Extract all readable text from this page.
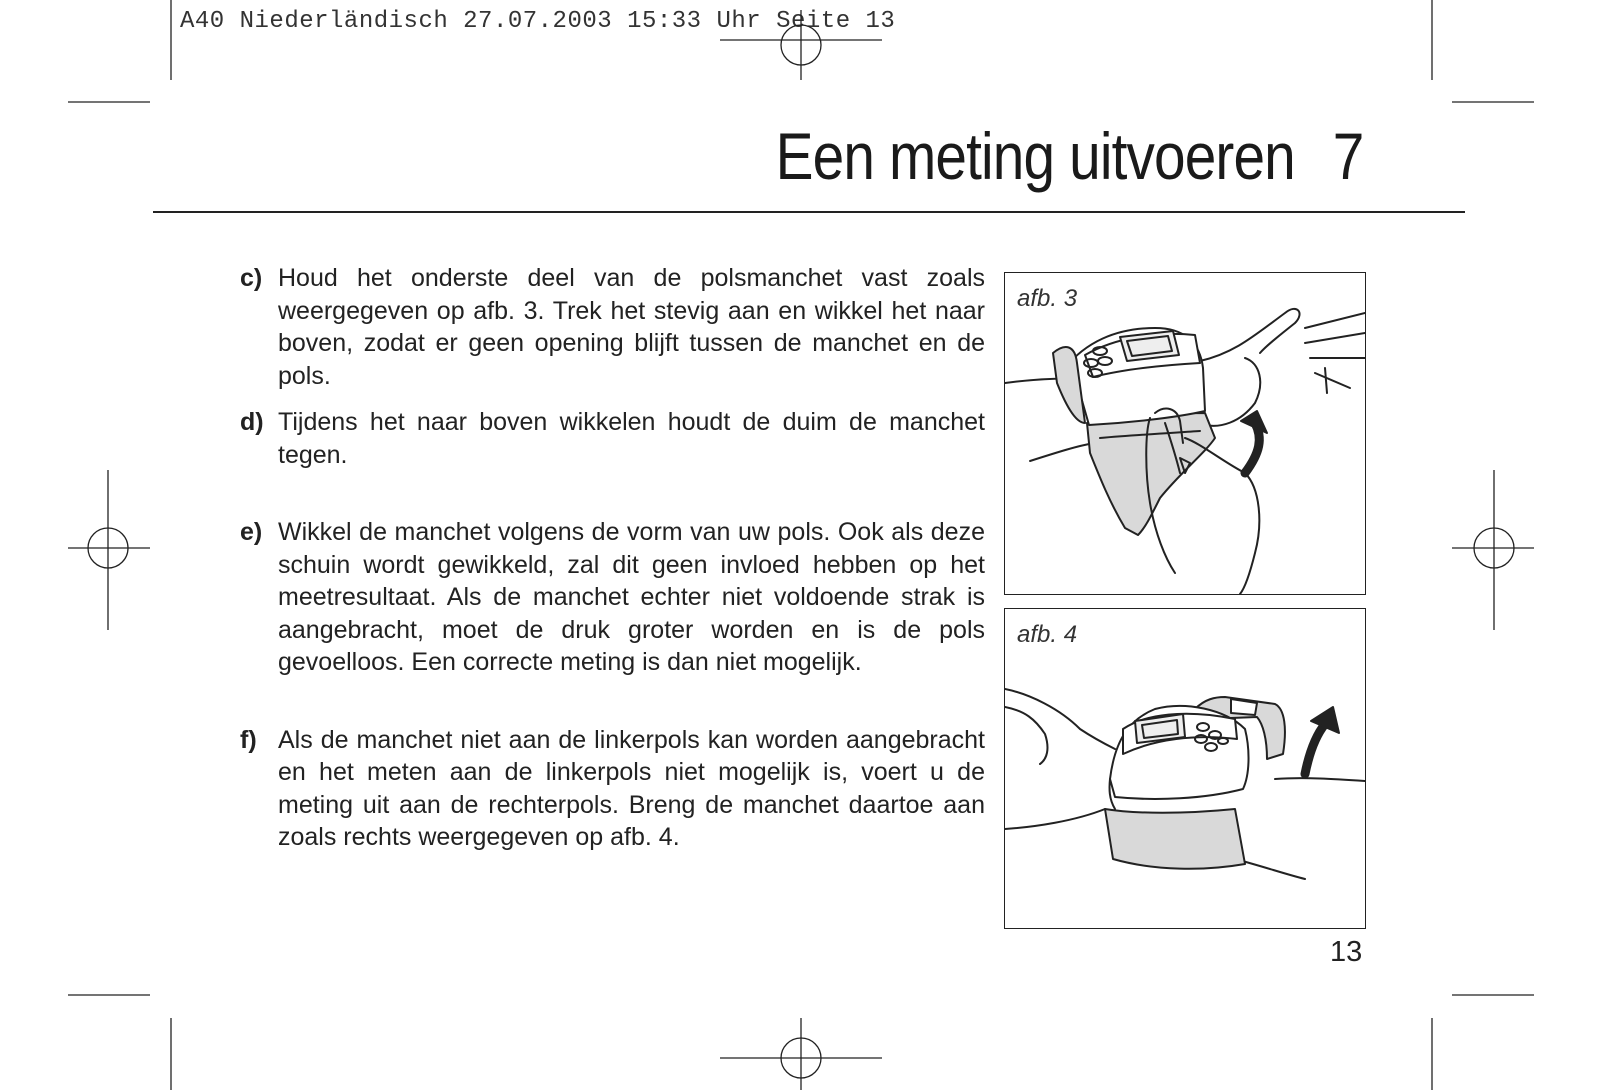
A40 Niederländisch 27.07.2003 15:33 Uhr Seite 13
Een meting uitvoeren 7
c) Houd het onderste deel van de polsmanchet vast zoals weergegeven op afb. 3. Trek het stevig aan en wikkel het naar boven, zodat er geen opening blijft tussen de manchet en de pols.
d) Tijdens het naar boven wikkelen houdt de duim de manchet tegen.
e) Wikkel de manchet volgens de vorm van uw pols. Ook als deze schuin wordt gewikkeld, zal dit geen invloed hebben op het meetresultaat. Als de manchet echter niet voldoende strak is aangebracht, moet de druk groter worden en is de pols gevoelloos. Een correcte meting is dan niet mogelijk.
f) Als de manchet niet aan de linkerpols kan worden aangebracht en het meten aan de linkerpols niet mogelijk is, voert u de meting uit aan de rechterpols. Breng de manchet daartoe aan zoals rechts weergegeven op afb. 4.
afb. 3
afb. 4
13
